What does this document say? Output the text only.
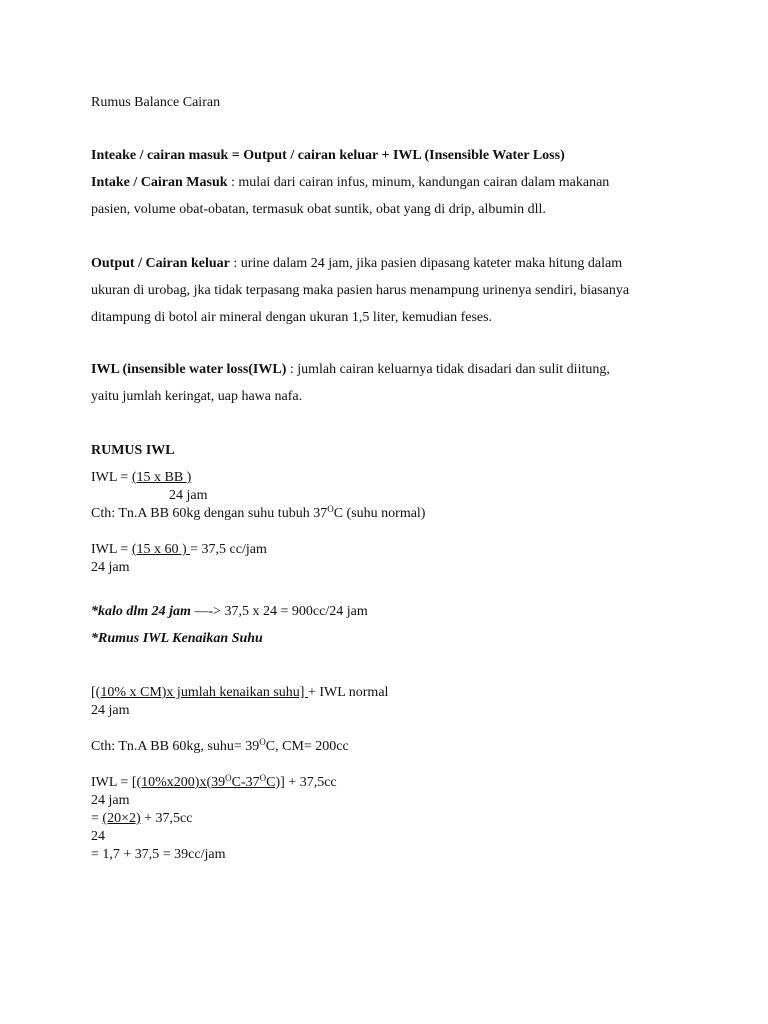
Rumus Balance Cairan
Inteake / cairan masuk = Output / cairan keluar + IWL (Insensible Water Loss)
Intake / Cairan Masuk : mulai dari cairan infus, minum, kandungan cairan dalam makanan
pasien, volume obat-obatan, termasuk obat suntik, obat yang di drip, albumin dll.
Output / Cairan keluar : urine dalam 24 jam, jika pasien dipasang kateter maka hitung dalam
ukuran di urobag, jka tidak terpasang maka pasien harus menampung urinenya sendiri, biasanya
ditampung di botol air mineral dengan ukuran 1,5 liter, kemudian feses.
IWL (insensible water loss(IWL) : jumlah cairan keluarnya tidak disadari dan sulit diitung,
yaitu jumlah keringat, uap hawa nafa.
RUMUS IWL
IWL = (15 x BB )
24 jam
Cth: Tn.A BB 60kg dengan suhu tubuh $37^OC$ (suhu normal)
IWL = (15 x 60 ) = 37,5 cc/jam
24 jam
*kalo dlm 24 jam —-> 37,5 x 24 = 900cc/24 jam
*Rumus IWL Kenaikan Suhu
[(10% x CM)x jumlah kenaikan suhu] + IWL normal
24 jam
Cth: Tn.A BB 60kg, suhu= $39^OC$, CM= 200cc
IWL = $[(10\%x200)x(39^OC-37^OC)] + 37,5cc$
24 jam
= (20×2) + 37,5cc
24
= 1,7 + 37,5 = 39cc/jam
